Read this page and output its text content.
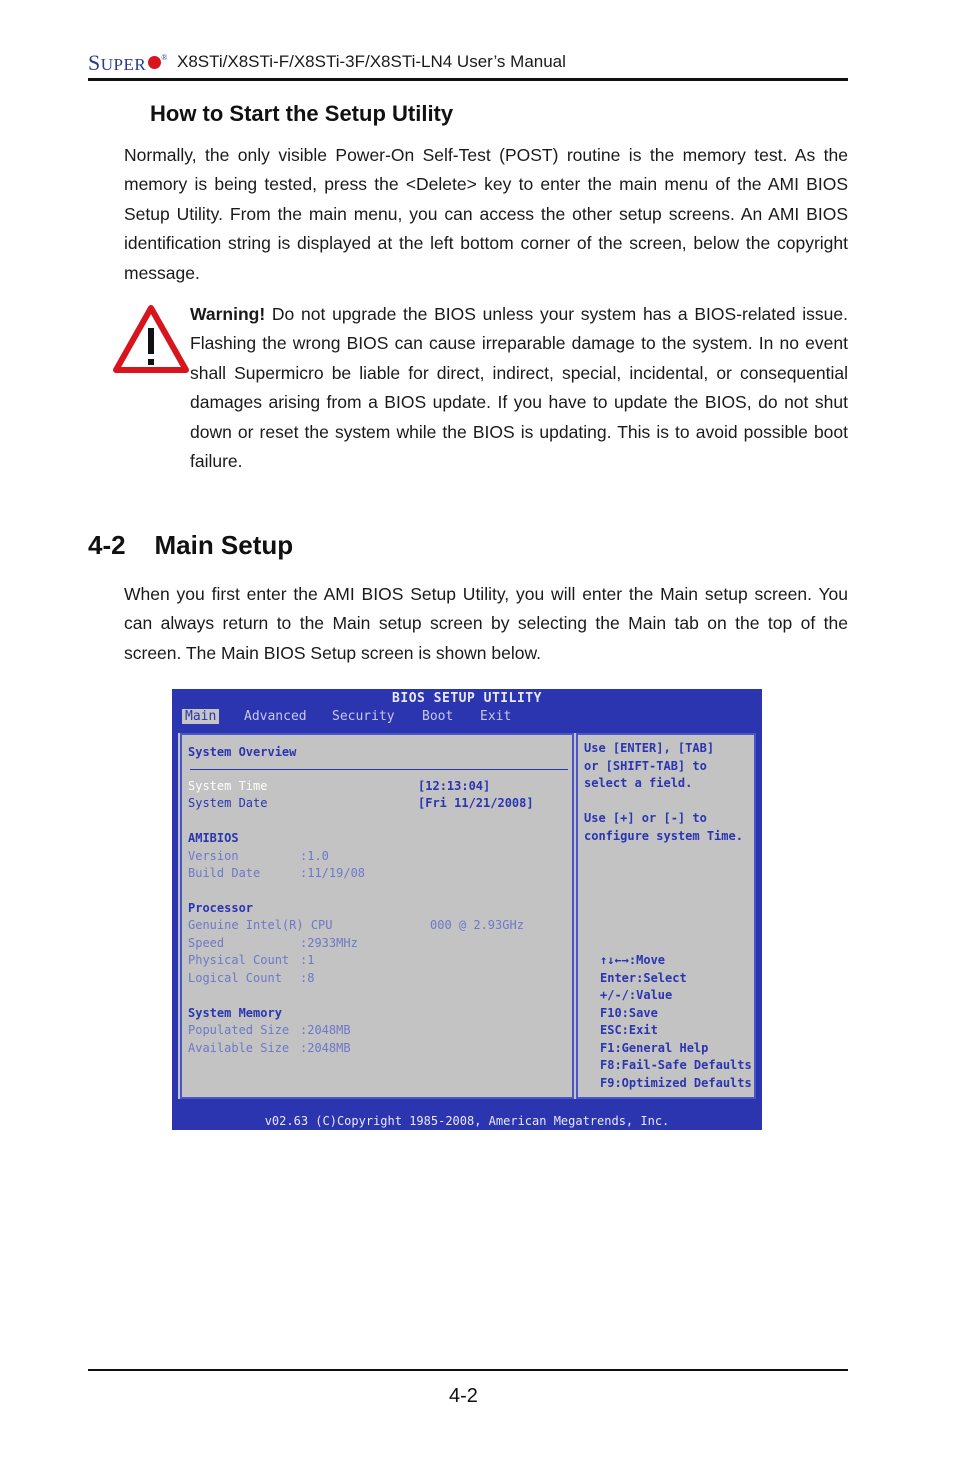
SUPER ® X8STi/X8STi-F/X8STi-3F/X8STi-LN4 User’s Manual
How to Start the Setup Utility
Normally, the only visible Power-On Self-Test (POST) routine is the memory test. As the memory is being tested, press the <Delete> key to enter the main menu of the AMI BIOS Setup Utility. From the main menu, you can access the other setup screens. An AMI BIOS identification string is displayed at the left bottom corner of the screen, below the copyright message.
Warning! Do not upgrade the BIOS unless your system has a BIOS-related issue. Flashing the wrong BIOS can cause irreparable damage to the system. In no event shall Supermicro be liable for direct, indirect, special, incidental, or consequential damages arising from a BIOS update. If you have to update the BIOS, do not shut down or reset the system while the BIOS is updating. This is to avoid possible boot failure.
4-2    Main Setup
When you first enter the AMI BIOS Setup Utility, you will enter the Main setup screen. You can always return to the Main setup screen by selecting the Main tab on the top of the screen. The Main BIOS Setup screen is shown below.
BIOS SETUP UTILITY
Main Advanced Security Boot Exit
System Overview
System Time	[12:13:04]
System Date	[Fri 11/21/2008]
AMIBIOS
Version	:1.0
Build Date	:11/19/08
Processor
Genuine Intel(R) CPU	000 @ 2.93GHz
Speed	:2933MHz
Physical Count :1
Logical Count :8
System Memory
Populated Size :2048MB
Available Size :2048MB
Use [ENTER], [TAB]
or [SHIFT-TAB] to
select a field.
Use [+] or [-] to
configure system Time.
↑↓←→:Move
Enter:Select
+/-/:Value
F10:Save
ESC:Exit
F1:General Help
F8:Fail-Safe Defaults
F9:Optimized Defaults
v02.63 (C)Copyright 1985-2008, American Megatrends, Inc.
4-2
